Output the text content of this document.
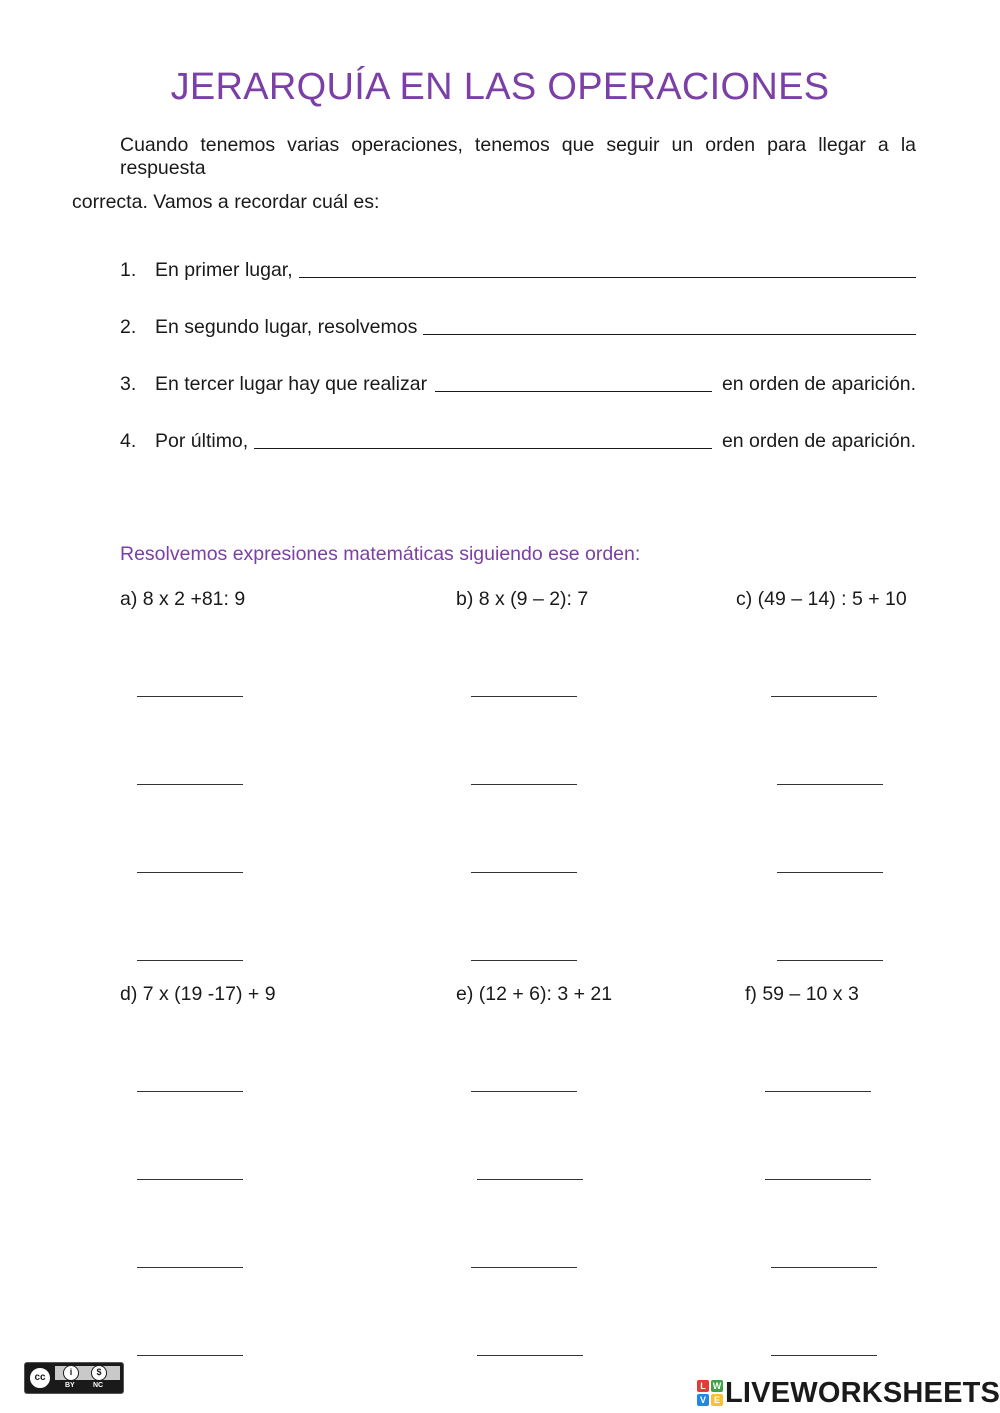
JERARQUÍA EN LAS OPERACIONES
Cuando tenemos varias operaciones, tenemos que seguir un orden para llegar a la respuesta
correcta. Vamos a recordar cuál es:
1. En primer lugar,
2. En segundo lugar, resolvemos
3. En tercer lugar hay que realizar	en orden de aparición.
4. Por último,	en orden de aparición.
Resolvemos expresiones matemáticas siguiendo ese orden:
a) 8 x 2 +81: 9	b) 8 x (9 – 2): 7	c) (49 – 14) : 5 + 10
d) 7 x (19 -17) + 9	e) (12 + 6): 3 + 21	f) 59 – 10 x 3
cc	i	$
BY	NC	L W
V E LIVEWORKSHEETS
